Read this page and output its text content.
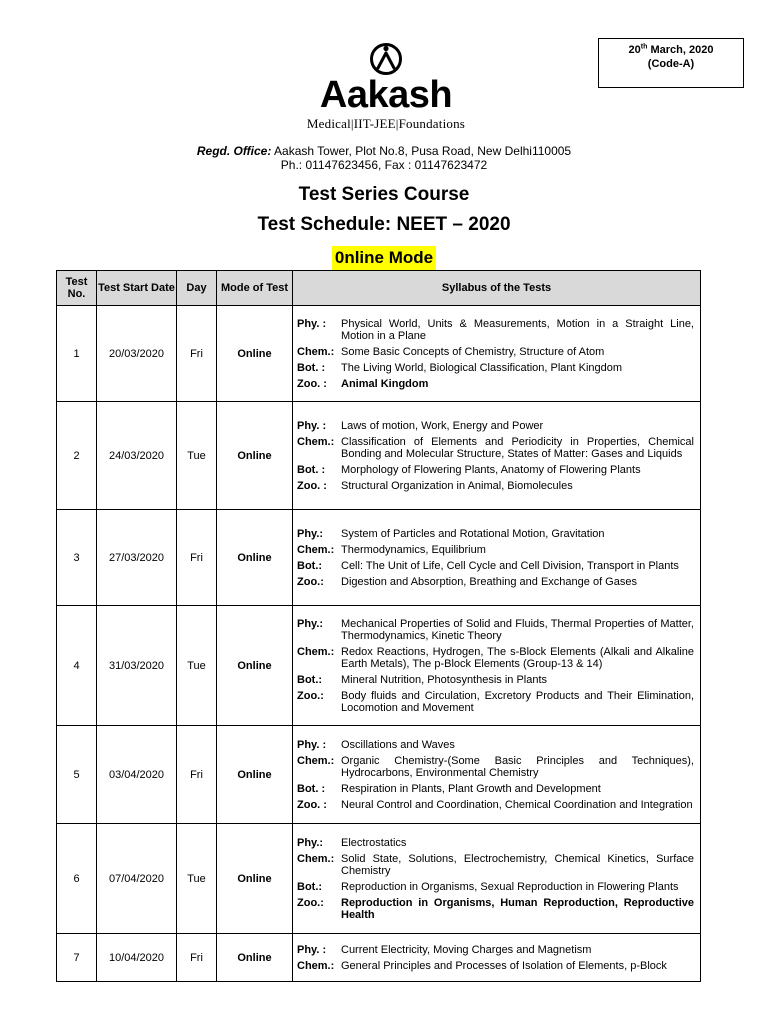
20th March, 2020
(Code-A)
Aakash
Medical|IIT-JEE|Foundations
Regd. Office: Aakash Tower, Plot No.8, Pusa Road, New Delhi110005
Ph.: 01147623456, Fax : 01147623472
Test Series Course
Test Schedule: NEET – 2020
0nline Mode
Test No.	Test Start Date	Day	Mode of Test	Syllabus of the Tests
1	20/03/2020	Fri	Online	
Phy. :	Physical World, Units & Measurements, Motion in a Straight Line, Motion in a Plane
Chem.:	Some Basic Concepts of Chemistry, Structure of Atom
Bot. :	The Living World, Biological Classification, Plant Kingdom
Zoo. :	Animal Kingdom

2	24/03/2020	Tue	Online	
Phy. :	Laws of motion, Work, Energy and Power
Chem.:	Classification of Elements and Periodicity in Properties, Chemical Bonding and Molecular Structure, States of Matter: Gases and Liquids
Bot. :	Morphology of Flowering Plants, Anatomy of Flowering Plants
Zoo. :	Structural Organization in Animal, Biomolecules

3	27/03/2020	Fri	Online	
Phy.:	System of Particles and Rotational Motion, Gravitation
Chem.:	Thermodynamics, Equilibrium
Bot.:	Cell: The Unit of Life, Cell Cycle and Cell Division, Transport in Plants
Zoo.:	Digestion and Absorption, Breathing and Exchange of Gases

4	31/03/2020	Tue	Online	
Phy.:	Mechanical Properties of Solid and Fluids, Thermal Properties of Matter, Thermodynamics, Kinetic Theory
Chem.:	Redox Reactions, Hydrogen, The s-Block Elements (Alkali and Alkaline Earth Metals), The p-Block Elements (Group-13 & 14)
Bot.:	Mineral Nutrition, Photosynthesis in Plants
Zoo.:	Body fluids and Circulation, Excretory Products and Their Elimination, Locomotion and Movement

5	03/04/2020	Fri	Online	
Phy. :	Oscillations and Waves
Chem.:	Organic Chemistry-(Some Basic Principles and Techniques), Hydrocarbons, Environmental Chemistry
Bot. :	Respiration in Plants, Plant Growth and Development
Zoo. :	Neural Control and Coordination, Chemical Coordination and Integration

6	07/04/2020	Tue	Online	
Phy.:	Electrostatics
Chem.:	Solid State, Solutions, Electrochemistry, Chemical Kinetics, Surface Chemistry
Bot.:	Reproduction in Organisms, Sexual Reproduction in Flowering Plants
Zoo.:	Reproduction in Organisms, Human Reproduction, Reproductive Health

7	10/04/2020	Fri	Online	
Phy. :	Current Electricity, Moving Charges and Magnetism
Chem.:	General Principles and Processes of Isolation of Elements, p-Block
